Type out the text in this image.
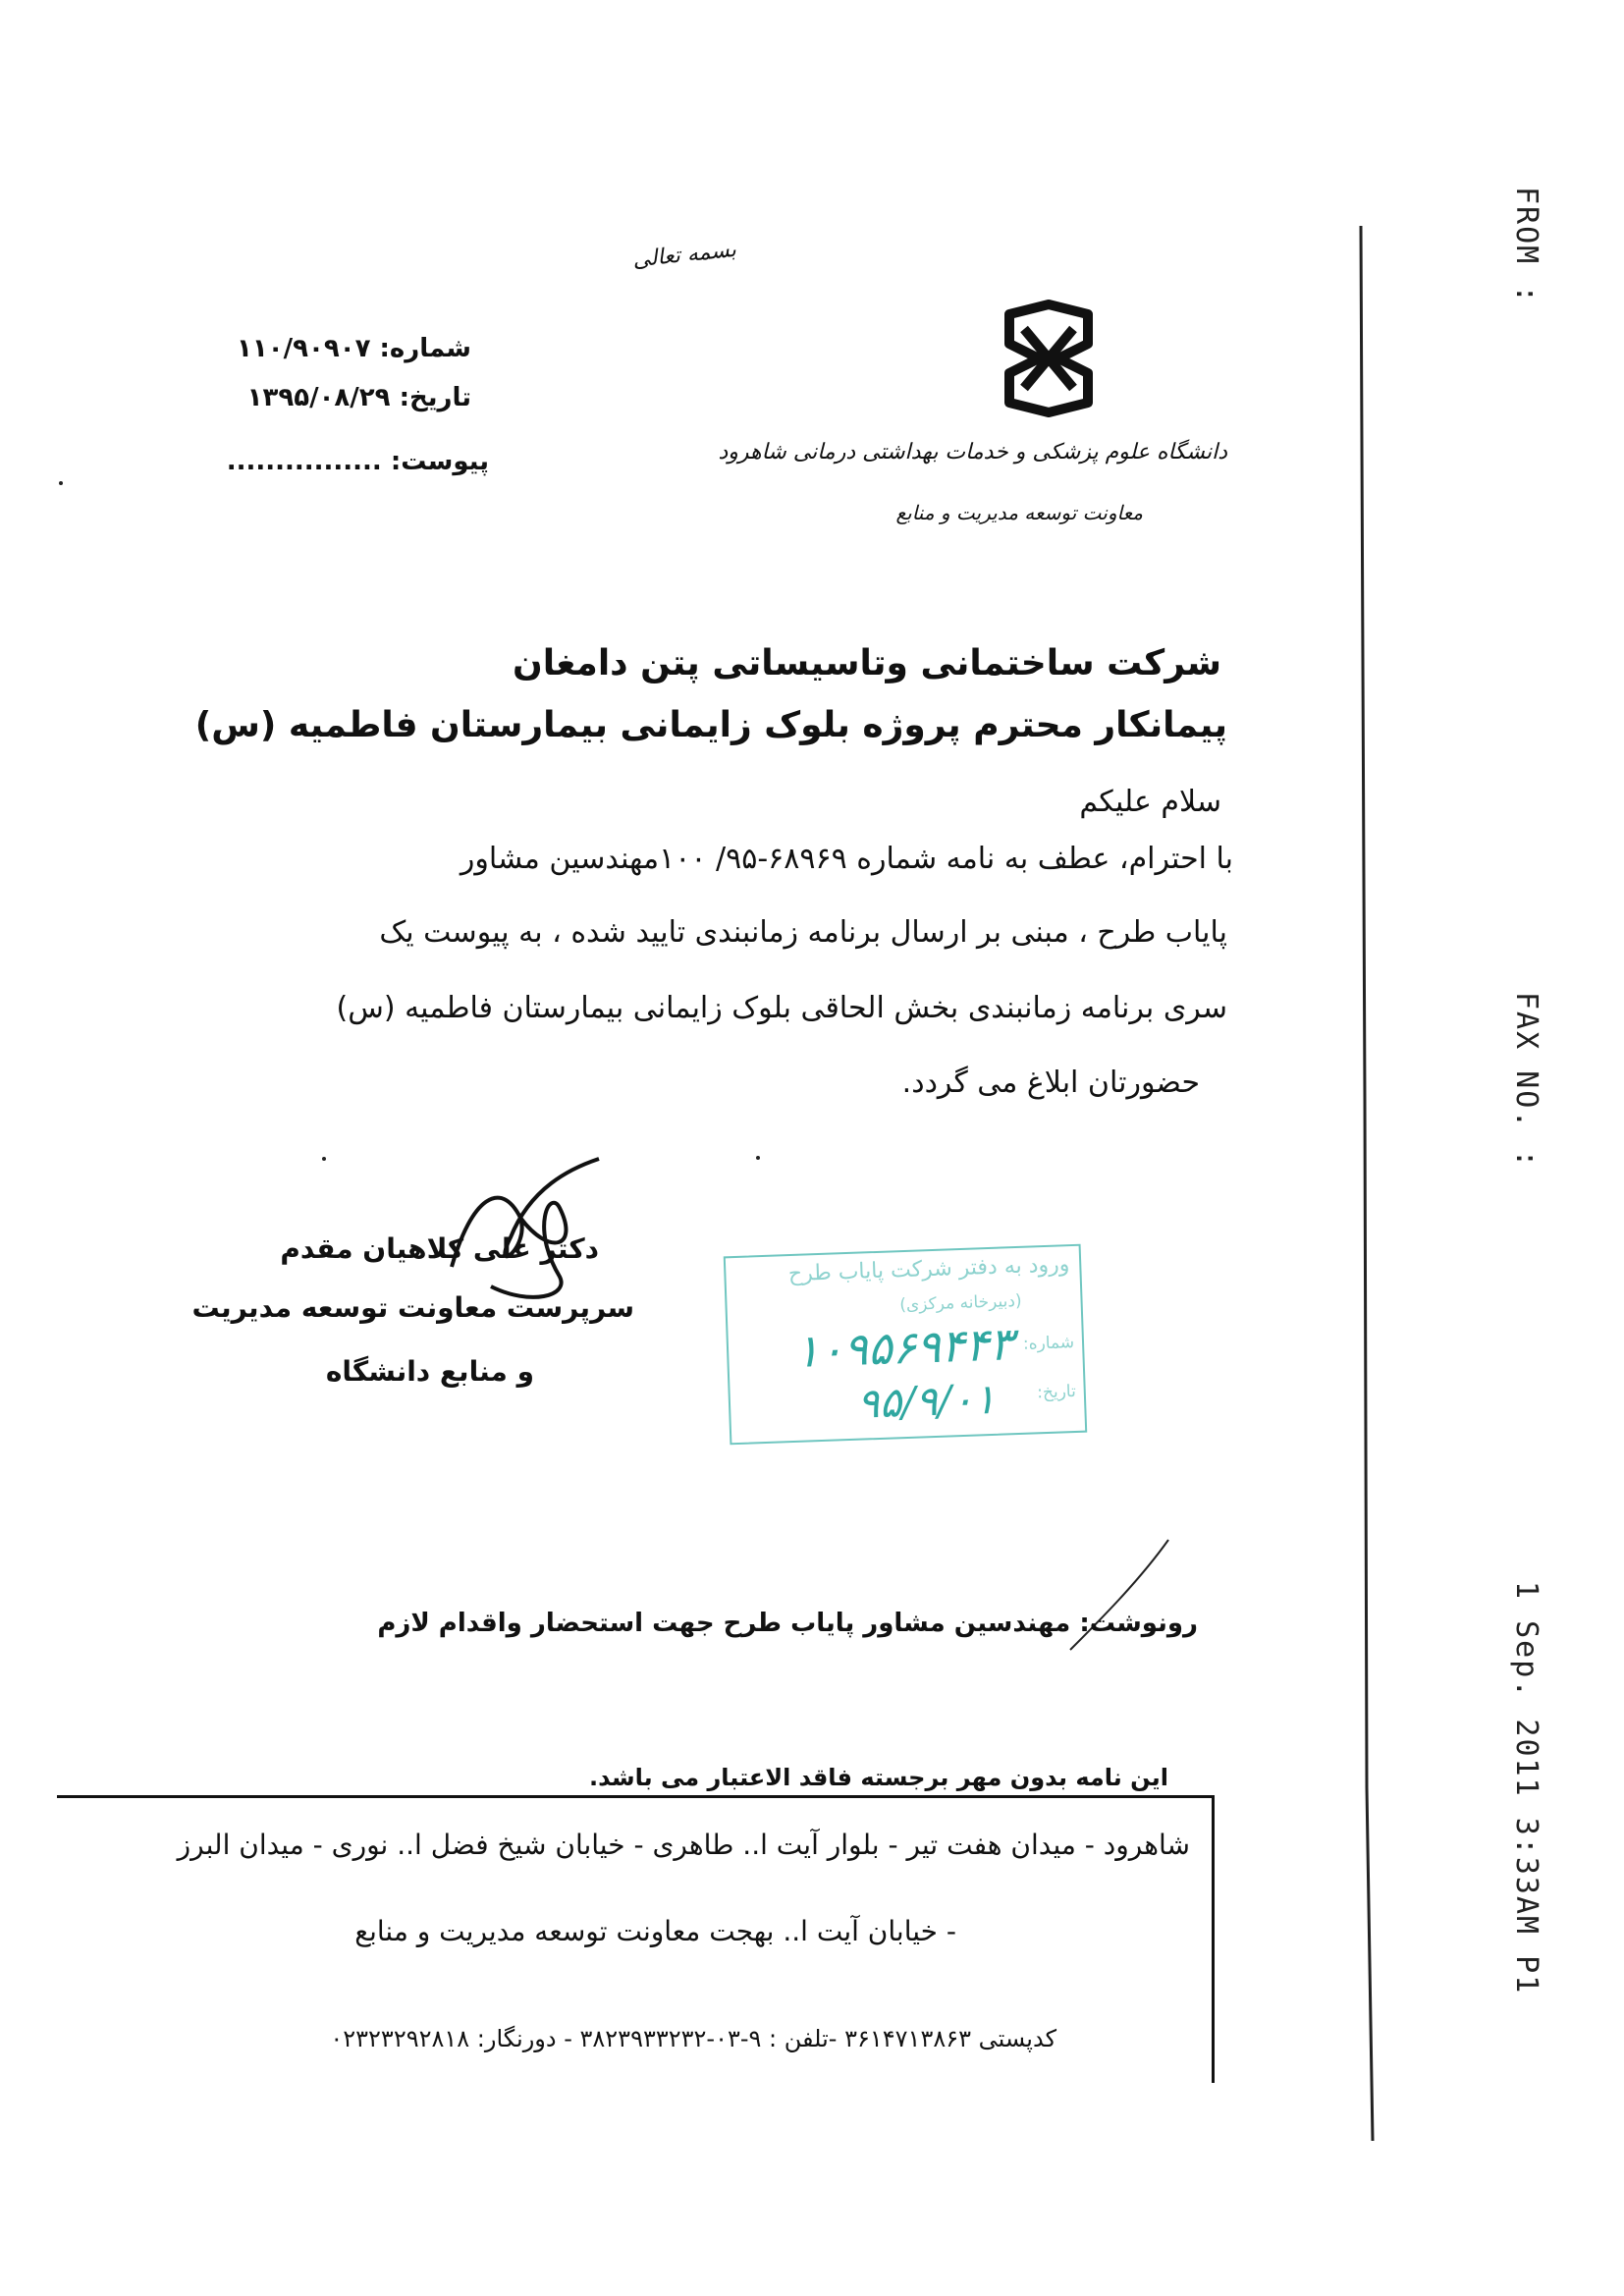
FROM :
FAX NO. :
1 Sep. 2011 3:33AM P1
بسمه تعالی
دانشگاه علوم پزشکی و خدمات بهداشتی درمانی شاهرود
معاونت توسعه مدیریت و منابع
شماره: ۱۱۰/۹۰۹۰۷
تاریخ: ۱۳۹۵/۰۸/۲۹
پیوست: ................
شرکت ساختمانی وتاسیساتی پتن دامغان
پیمانکار محترم پروژه بلوک زایمانی بیمارستان فاطمیه (س)
سلام علیکم
با احترام، عطف به نامه شماره ۶۸۹۶۹-۹۵/ ۱۰۰مهندسین مشاور
پایاب طرح ، مبنی بر ارسال برنامه زمانبندی تایید شده ، به پیوست یک
سری برنامه زمانبندی بخش الحاقی بلوک زایمانی بیمارستان فاطمیه (س)
حضورتان ابلاغ می گردد.
دکتر علی کلاهیان مقدم
سرپرست معاونت توسعه مدیریت
و منابع دانشگاه
ورود به دفتر شرکت پایاب طرح
(دبیرخانه مرکزی)
شماره:
۱۰۹۵۶۹۴۴۳
تاریخ:
۹۵/۹/۰۱
رونوشت: مهندسین مشاور پایاب طرح جهت استحضار واقدام لازم
این نامه بدون مهر برجسته فاقد الاعتبار می باشد.
شاهرود - میدان هفت تیر - بلوار آیت ا.. طاهری - خیابان شیخ فضل ا.. نوری - میدان البرز
- خیابان آیت ا.. بهجت معاونت توسعه مدیریت و منابع
کدپستی ۳۶۱۴۷۱۳۸۶۳ -تلفن : ۹-۰۳-۳۸۲۳۹۳۳۲۳۲ - دورنگار: ۰۲۳۲۳۲۹۲۸۱۸
